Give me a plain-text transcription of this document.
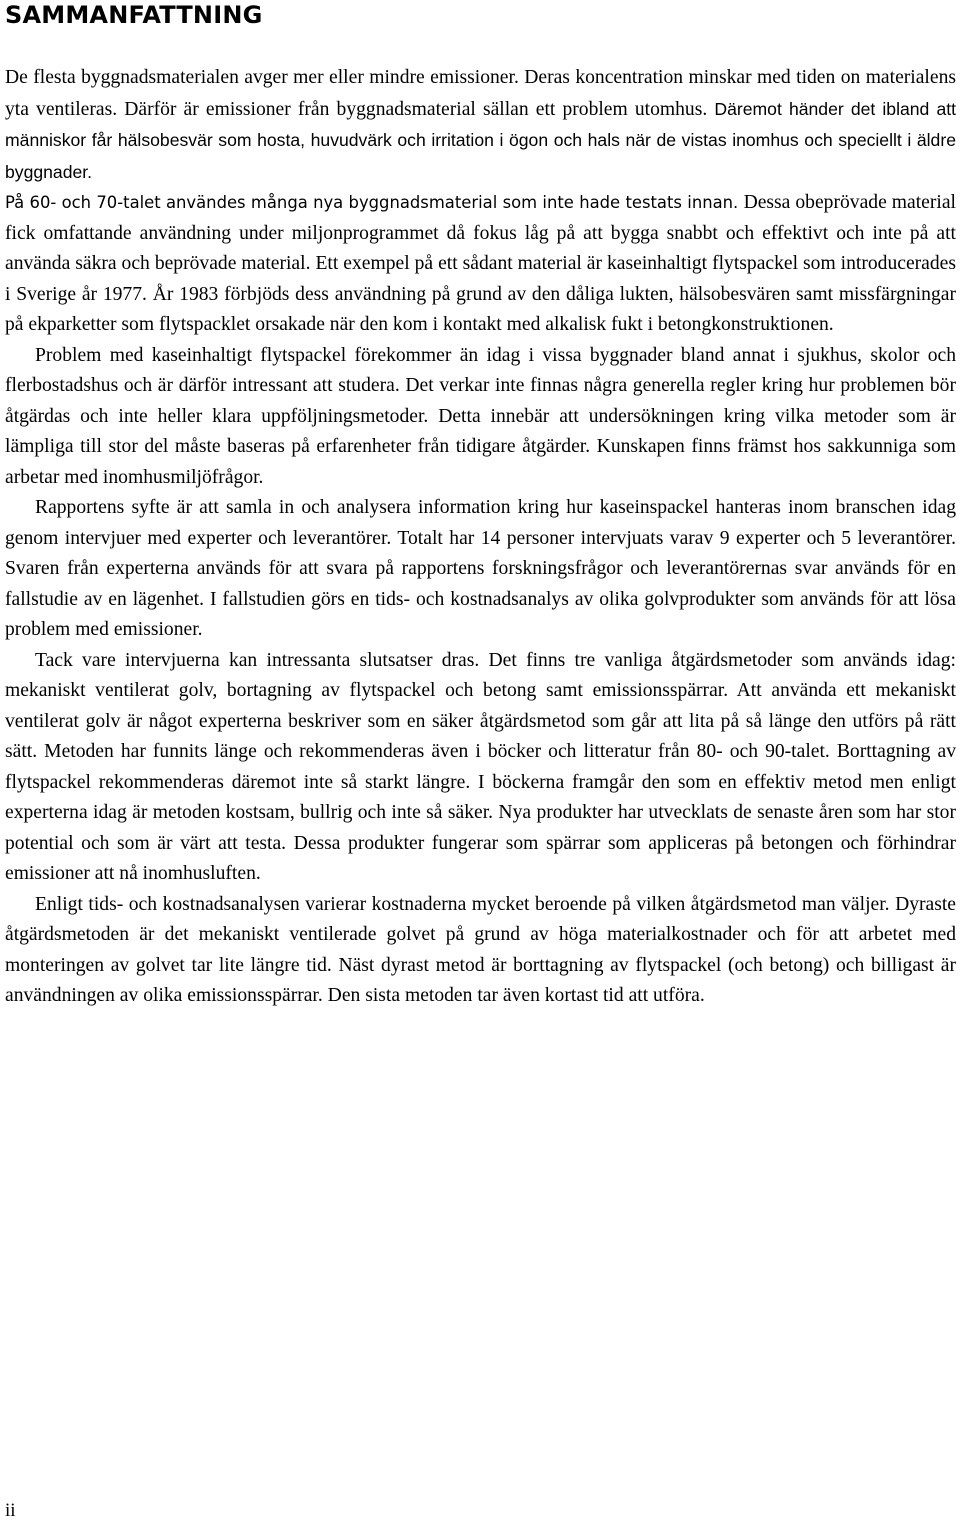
SAMMANFATTNING

De flesta byggnadsmaterialen avger mer eller mindre emissioner. Deras koncentration minskar med tiden on materialens yta ventileras. Därför är emissioner från byggnadsmaterial sällan ett problem utomhus. Däremot händer det ibland att människor får hälsobesvär som hosta, huvudvärk och irritation i ögon och hals när de vistas inomhus och speciellt i äldre byggnader.

På 60- och 70-talet användes många nya byggnadsmaterial som inte hade testats innan. Dessa obeprövade material fick omfattande användning under miljonprogrammet då fokus låg på att bygga snabbt och effektivt och inte på att använda säkra och beprövade material. Ett exempel på ett sådant material är kaseinhaltigt flytspackel som introducerades i Sverige år 1977. År 1983 förbjöds dess användning på grund av den dåliga lukten, hälsobesvären samt missfärgningar på ekparketter som flytspacklet orsakade när den kom i kontakt med alkalisk fukt i betongkonstruktionen.

Problem med kaseinhaltigt flytspackel förekommer än idag i vissa byggnader bland annat i sjukhus, skolor och flerbostadshus och är därför intressant att studera. Det verkar inte finnas några generella regler kring hur problemen bör åtgärdas och inte heller klara uppföljningsmetoder. Detta innebär att undersökningen kring vilka metoder som är lämpliga till stor del måste baseras på erfarenheter från tidigare åtgärder. Kunskapen finns främst hos sakkunniga som arbetar med inomhusmiljöfrågor.

Rapportens syfte är att samla in och analysera information kring hur kaseinspackel hanteras inom branschen idag genom intervjuer med experter och leverantörer. Totalt har 14 personer intervjuats varav 9 experter och 5 leverantörer. Svaren från experterna används för att svara på rapportens forskningsfrågor och leverantörernas svar används för en fallstudie av en lägenhet. I fallstudien görs en tids- och kostnadsanalys av olika golvprodukter som används för att lösa problem med emissioner.

Tack vare intervjuerna kan intressanta slutsatser dras. Det finns tre vanliga åtgärdsmetoder som används idag: mekaniskt ventilerat golv, bortagning av flytspackel och betong samt emissionsspärrar. Att använda ett mekaniskt ventilerat golv är något experterna beskriver som en säker åtgärdsmetod som går att lita på så länge den utförs på rätt sätt. Metoden har funnits länge och rekommenderas även i böcker och litteratur från 80- och 90-talet. Borttagning av flytspackel rekommenderas däremot inte så starkt längre. I böckerna framgår den som en effektiv metod men enligt experterna idag är metoden kostsam, bullrig och inte så säker. Nya produkter har utvecklats de senaste åren som har stor potential och som är värt att testa. Dessa produkter fungerar som spärrar som appliceras på betongen och förhindrar emissioner att nå inomhusluften.

Enligt tids- och kostnadsanalysen varierar kostnaderna mycket beroende på vilken åtgärdsmetod man väljer. Dyraste åtgärdsmetoden är det mekaniskt ventilerade golvet på grund av höga materialkostnader och för att arbetet med monteringen av golvet tar lite längre tid. Näst dyrast metod är borttagning av flytspackel (och betong) och billigast är användningen av olika emissionsspärrar. Den sista metoden tar även kortast tid att utföra.

ii
